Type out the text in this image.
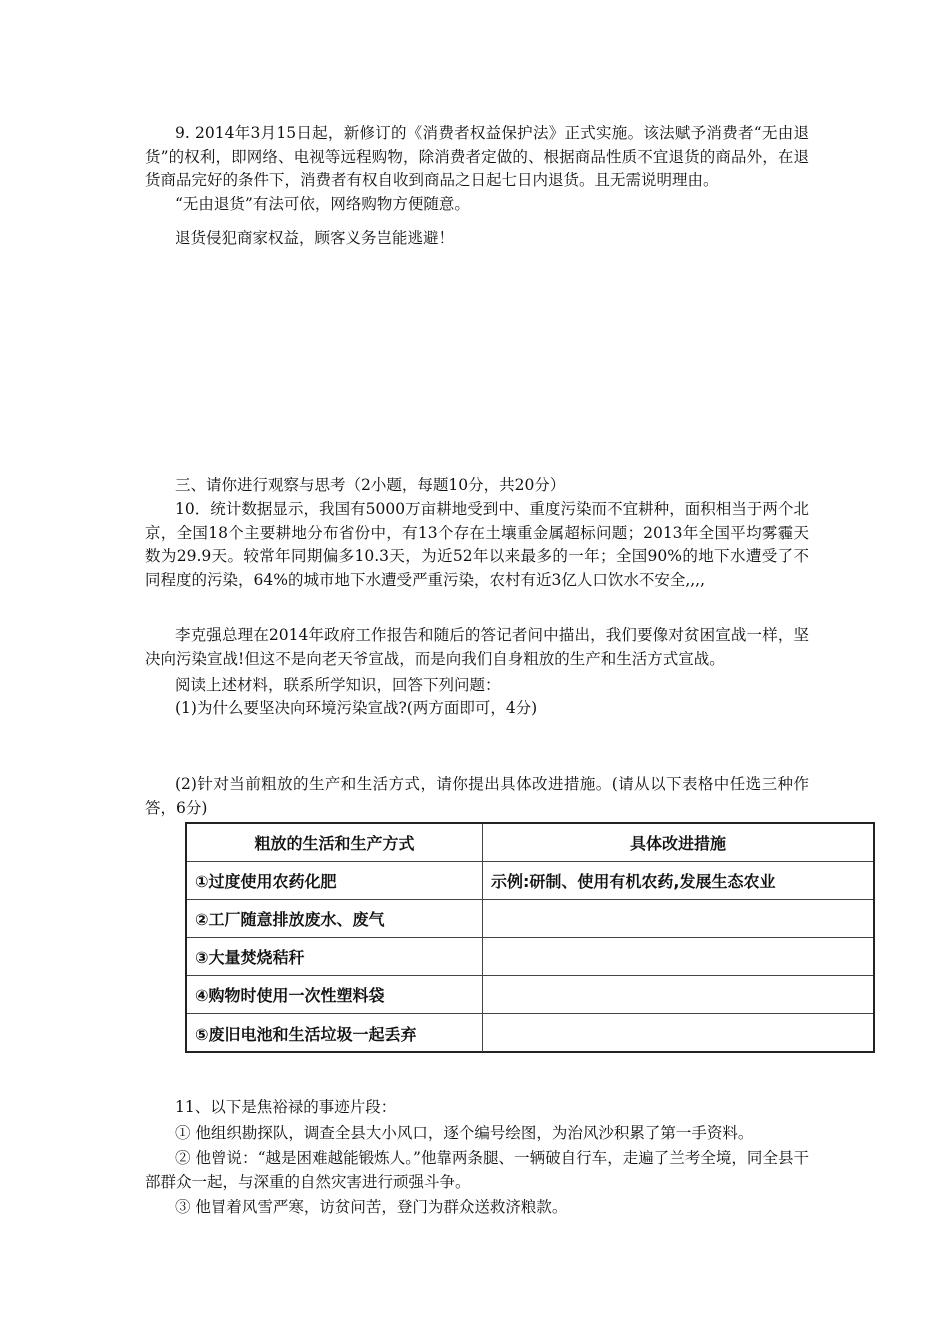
9. 2014年3月15日起，新修订的《消费者权益保护法》正式实施。该法赋予消费者“无由退货”的权利，即网络、电视等远程购物，除消费者定做的、根据商品性质不宜退货的商品外，在退货商品完好的条件下，消费者有权自收到商品之日起七日内退货。且无需说明理由。

“无由退货”有法可依，网络购物方便随意。

退货侵犯商家权益，顾客义务岂能逃避！

三、请你进行观察与思考（2小题，每题10分，共20分）

10．统计数据显示，我国有5000万亩耕地受到中、重度污染而不宜耕种，面积相当于两个北京，全国18个主要耕地分布省份中，有13个存在土壤重金属超标问题；2013年全国平均雾霾天数为29.9天。较常年同期偏多10.3天，为近52年以来最多的一年；全国90%的地下水遭受了不同程度的污染，64%的城市地下水遭受严重污染，农村有近3亿人口饮水不安全,,,,

李克强总理在2014年政府工作报告和随后的答记者问中描出，我们要像对贫困宣战一样，坚决向污染宣战!但这不是向老天爷宣战，而是向我们自身粗放的生产和生活方式宣战。

阅读上述材料，联系所学知识，回答下列问题：

(1)为什么要坚决向环境污染宣战?(两方面即可，4分)

(2)针对当前粗放的生产和生活方式，请你提出具体改进措施。(请从以下表格中任选三种作答，6分)

粗放的生活和生产方式	具体改进措施
①过度使用农药化肥	示例:研制、使用有机农药,发展生态农业
②工厂随意排放废水、废气
③大量焚烧秸秆
④购物时使用一次性塑料袋
⑤废旧电池和生活垃圾一起丢弃

11、以下是焦裕禄的事迹片段：

① 他组织勘探队，调查全县大小风口，逐个编号绘图，为治风沙积累了第一手资料。

② 他曾说：“越是困难越能锻炼人。”他靠两条腿、一辆破自行车，走遍了兰考全境，同全县干部群众一起，与深重的自然灾害进行顽强斗争。

③ 他冒着风雪严寒，访贫问苦，登门为群众送救济粮款。
